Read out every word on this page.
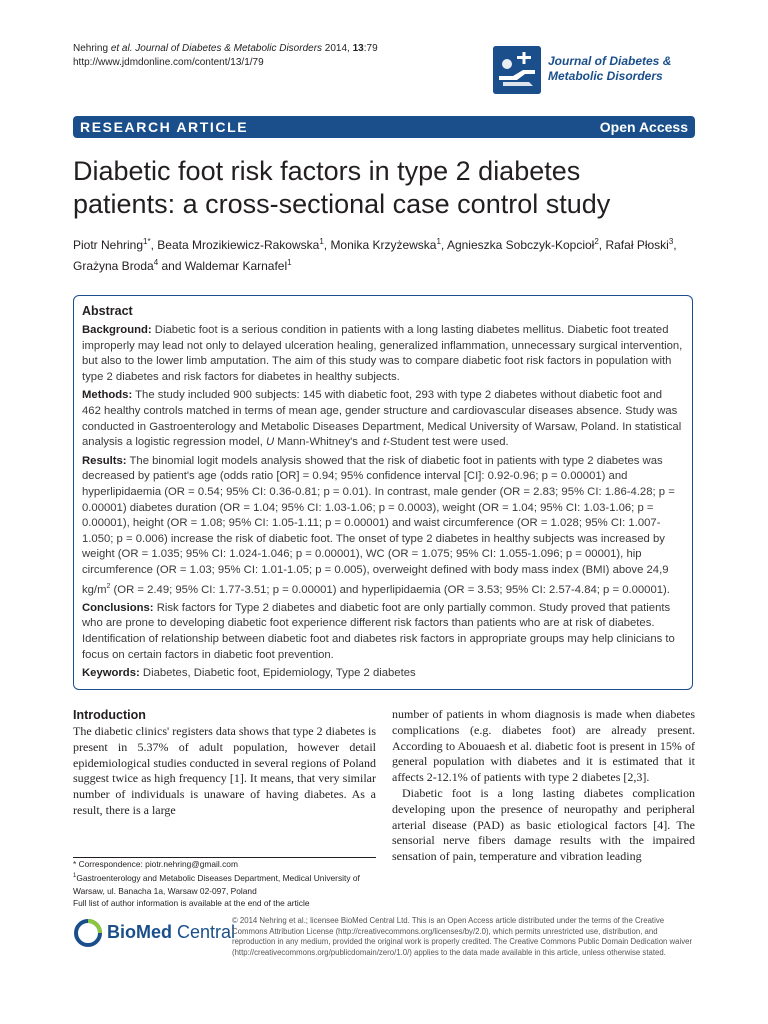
Nehring et al. Journal of Diabetes & Metabolic Disorders 2014, 13:79
http://www.jdmdonline.com/content/13/1/79	Journal of Diabetes &
Metabolic Disorders
RESEARCH ARTICLE	Open Access
Diabetic foot risk factors in type 2 diabetes
patients: a cross-sectional case control study
Piotr Nehring$^{1*}$, Beata Mrozikiewicz-Rakowska$^1$, Monika Krzyżewska$^1$, Agnieszka Sobczyk-Kopcioł$^2$, Rafał Płoski$^3$, Grażyna Broda$^4$ and Waldemar Karnafel$^1$
Abstract

Background: Diabetic foot is a serious condition in patients with a long lasting diabetes mellitus. Diabetic foot treated improperly may lead not only to delayed ulceration healing, generalized inflammation, unnecessary surgical intervention, but also to the lower limb amputation. The aim of this study was to compare diabetic foot risk factors in population with type 2 diabetes and risk factors for diabetes in healthy subjects.

Methods: The study included 900 subjects: 145 with diabetic foot, 293 with type 2 diabetes without diabetic foot and 462 healthy controls matched in terms of mean age, gender structure and cardiovascular diseases absence. Study was conducted in Gastroenterology and Metabolic Diseases Department, Medical University of Warsaw, Poland. In statistical analysis a logistic regression model, U Mann-Whitney's and t-Student test were used.

Results: The binomial logit models analysis showed that the risk of diabetic foot in patients with type 2 diabetes was decreased by patient's age (odds ratio [OR] = 0.94; 95% confidence interval [CI]: 0.92-0.96; p = 0.00001) and hyperlipidaemia (OR = 0.54; 95% CI: 0.36-0.81; p = 0.01). In contrast, male gender (OR = 2.83; 95% CI: 1.86-4.28; p = 0.00001) diabetes duration (OR = 1.04; 95% CI: 1.03-1.06; p = 0.0003), weight (OR = 1.04; 95% CI: 1.03-1.06; p = 0.00001), height (OR = 1.08; 95% CI: 1.05-1.11; p = 0.00001) and waist circumference (OR = 1.028; 95% CI: 1.007-1.050; p = 0.006) increase the risk of diabetic foot. The onset of type 2 diabetes in healthy subjects was increased by weight (OR = 1.035; 95% CI: 1.024-1.046; p = 0.00001), WC (OR = 1.075; 95% CI: 1.055-1.096; p = 00001), hip circumference (OR = 1.03; 95% CI: 1.01-1.05; p = 0.005), overweight defined with body mass index (BMI) above 24,9 $kg/m^2$ (OR = 2.49; 95% CI: 1.77-3.51; p = 0.00001) and hyperlipidaemia (OR = 3.53; 95% CI: 2.57-4.84; p = 0.00001).

Conclusions: Risk factors for Type 2 diabetes and diabetic foot are only partially common. Study proved that patients who are prone to developing diabetic foot experience different risk factors than patients who are at risk of diabetes. Identification of relationship between diabetic foot and diabetes risk factors in appropriate groups may help clinicians to focus on certain factors in diabetic foot prevention.

Keywords: Diabetes, Diabetic foot, Epidemiology, Type 2 diabetes

Introduction

The diabetic clinics' registers data shows that type 2 diabetes is present in 5.37% of adult population, however detail epidemiological studies conducted in several regions of Poland suggest twice as high frequency [1]. It means, that very similar number of individuals is unaware of having diabetes. As a result, there is a large

number of patients in whom diagnosis is made when diabetes complications (e.g. diabetes foot) are already present. According to Abouaesh et al. diabetic foot is present in 15% of general population with diabetes and it is estimated that it affects 2-12.1% of patients with type 2 diabetes [2,3].

Diabetic foot is a long lasting diabetes complication developing upon the presence of neuropathy and peripheral arterial disease (PAD) as basic etiological factors [4]. The sensorial nerve fibers damage results with the impaired sensation of pain, temperature and vibration leading

* Correspondence: piotr.nehring@gmail.com
$^1$Gastroenterology and Metabolic Diseases Department, Medical University of Warsaw, ul. Banacha 1a, Warsaw 02-097, Poland
Full list of author information is available at the end of the article
BioMed Central
© 2014 Nehring et al.; licensee BioMed Central Ltd. This is an Open Access article distributed under the terms of the Creative Commons Attribution License (http://creativecommons.org/licenses/by/2.0), which permits unrestricted use, distribution, and reproduction in any medium, provided the original work is properly credited. The Creative Commons Public Domain Dedication waiver (http://creativecommons.org/publicdomain/zero/1.0/) applies to the data made available in this article, unless otherwise stated.
